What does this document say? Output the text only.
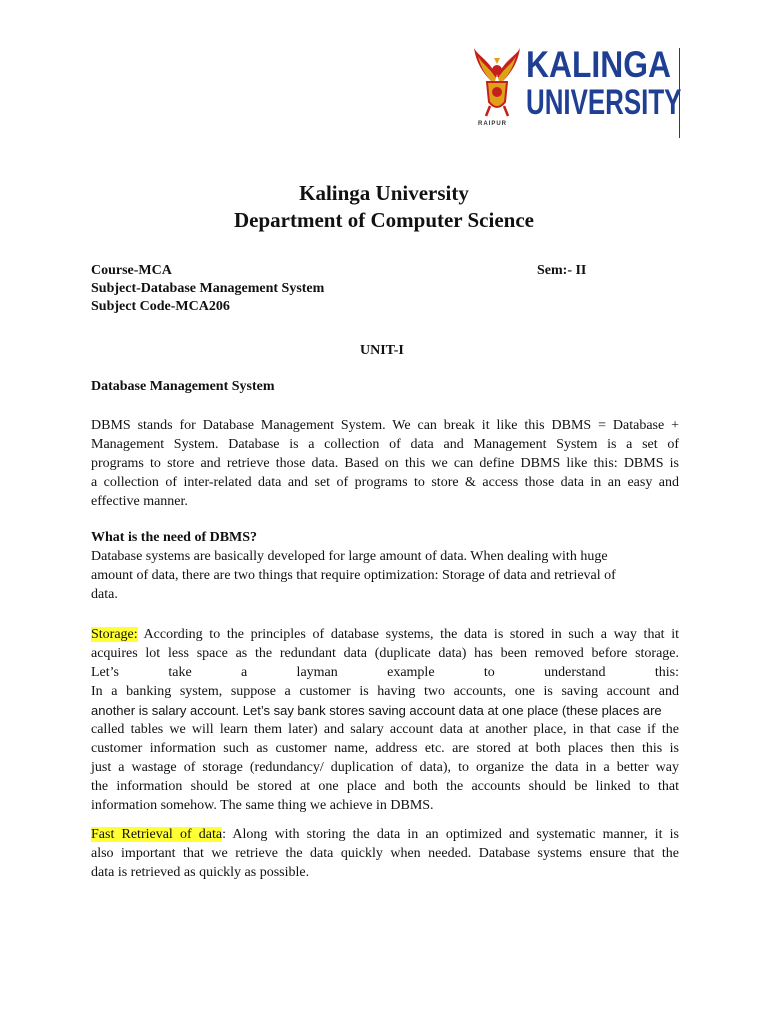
KALINGA
UNIVERSITY
RAIPUR
Kalinga University
Department of Computer Science
Course-MCA	Sem:- II
Subject-Database Management System
Subject Code-MCA206
UNIT-I
Database Management System
DBMS stands for Database Management System. We can break it like this DBMS = Database +
Management System. Database is a collection of data and Management System is a set of
programs to store and retrieve those data. Based on this we can define DBMS like this: DBMS is
a collection of inter-related data and set of programs to store & access those data in an easy and
effective manner.
What is the need of DBMS?
Database systems are basically developed for large amount of data. When dealing with huge
amount of data, there are two things that require optimization: Storage of data and retrieval of
data.
Storage: According to the principles of database systems, the data is stored in such a way that it
acquires lot less space as the redundant data (duplicate data) has been removed before storage.
Let’s take a layman example to understand this:
In a banking system, suppose a customer is having two accounts, one is saving account and
another is salary account. Let’s say bank stores saving account data at one place (these places are
called tables we will learn them later) and salary account data at another place, in that case if the
customer information such as customer name, address etc. are stored at both places then this is
just a wastage of storage (redundancy/ duplication of data), to organize the data in a better way
the information should be stored at one place and both the accounts should be linked to that
information somehow. The same thing we achieve in DBMS.
Fast Retrieval of data: Along with storing the data in an optimized and systematic manner, it is
also important that we retrieve the data quickly when needed. Database systems ensure that the
data is retrieved as quickly as possible.
